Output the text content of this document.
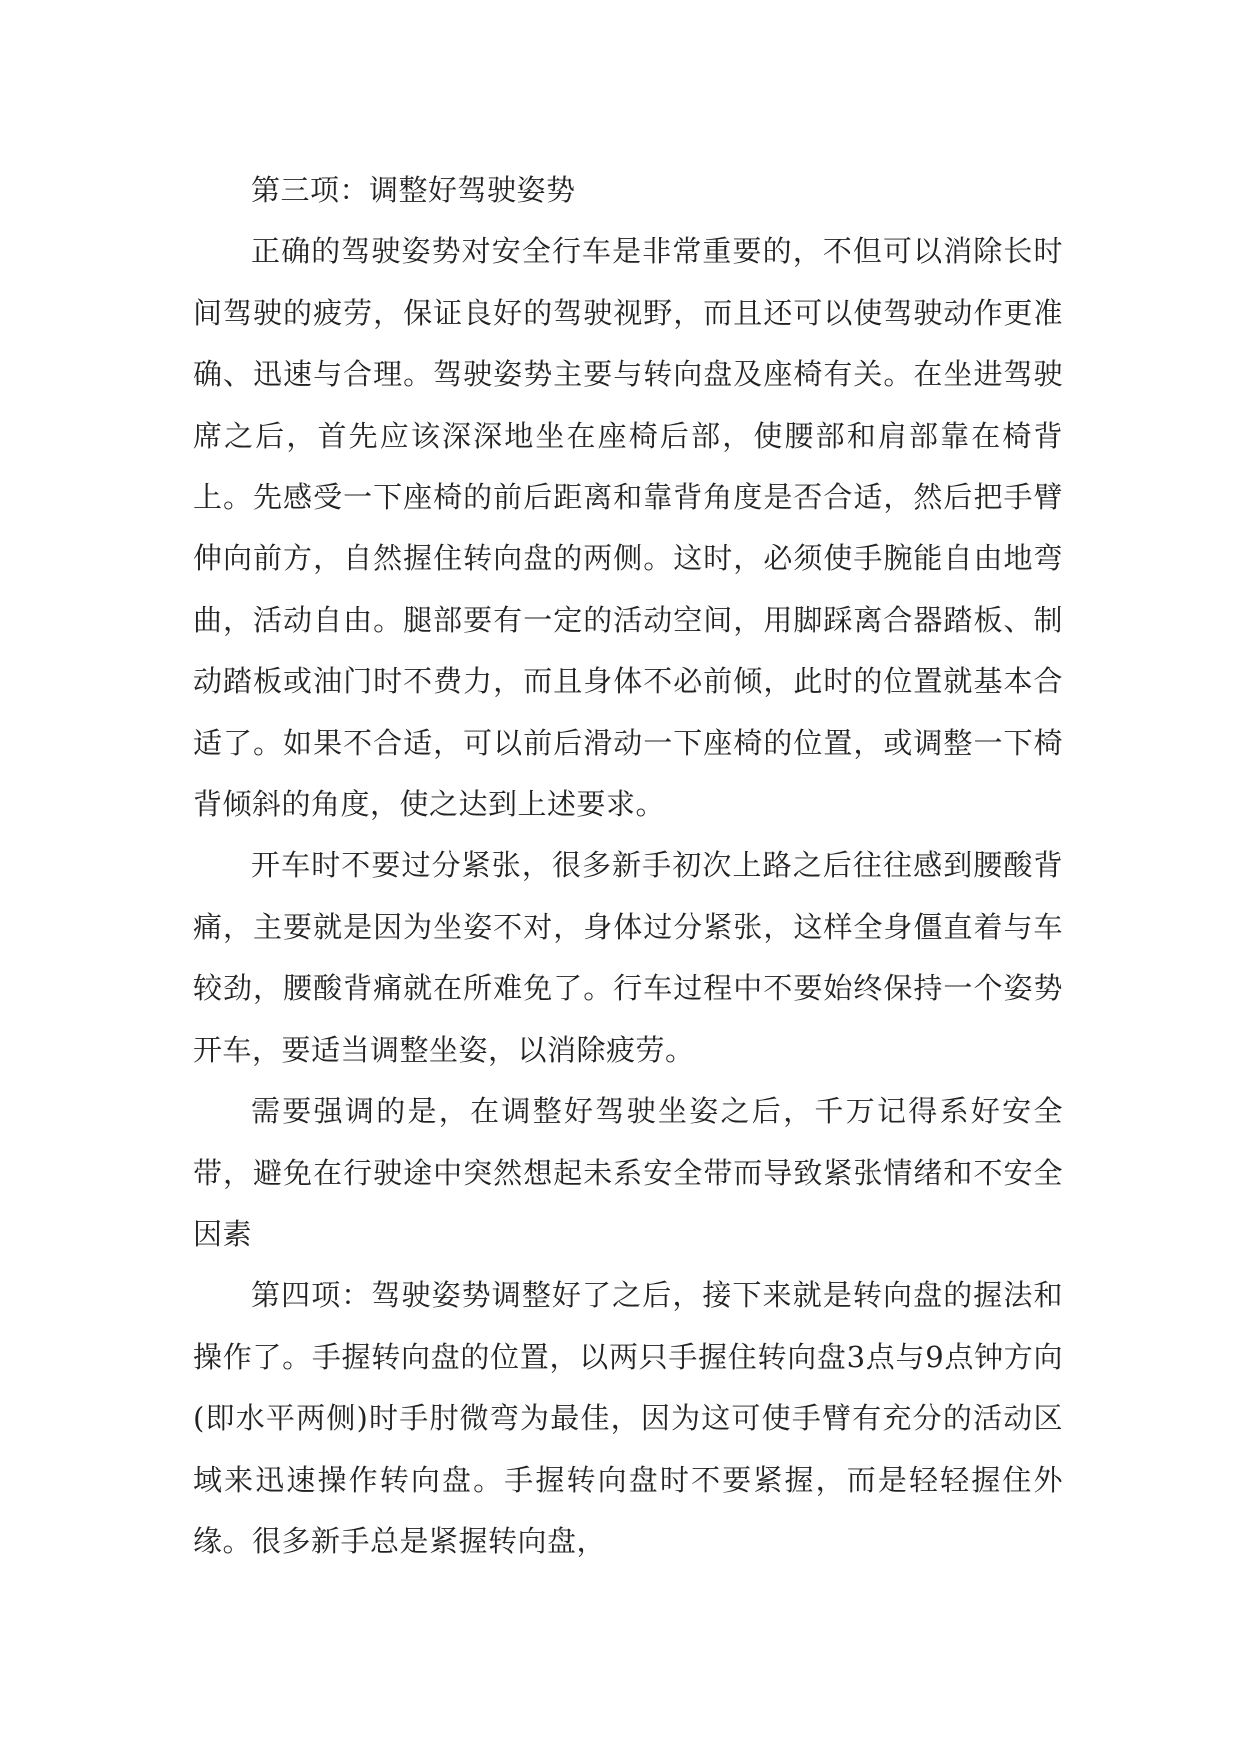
第三项：调整好驾驶姿势

正确的驾驶姿势对安全行车是非常重要的，不但可以消除长时间驾驶的疲劳，保证良好的驾驶视野，而且还可以使驾驶动作更准确、迅速与合理。驾驶姿势主要与转向盘及座椅有关。在坐进驾驶席之后，首先应该深深地坐在座椅后部，使腰部和肩部靠在椅背上。先感受一下座椅的前后距离和靠背角度是否合适，然后把手臂伸向前方，自然握住转向盘的两侧。这时，必须使手腕能自由地弯曲，活动自由。腿部要有一定的活动空间，用脚踩离合器踏板、制动踏板或油门时不费力，而且身体不必前倾，此时的位置就基本合适了。如果不合适，可以前后滑动一下座椅的位置，或调整一下椅背倾斜的角度，使之达到上述要求。

开车时不要过分紧张，很多新手初次上路之后往往感到腰酸背痛，主要就是因为坐姿不对，身体过分紧张，这样全身僵直着与车较劲，腰酸背痛就在所难免了。行车过程中不要始终保持一个姿势开车，要适当调整坐姿，以消除疲劳。

需要强调的是，在调整好驾驶坐姿之后，千万记得系好安全带，避免在行驶途中突然想起未系安全带而导致紧张情绪和不安全因素

第四项：驾驶姿势调整好了之后，接下来就是转向盘的握法和操作了。手握转向盘的位置，以两只手握住转向盘3点与9点钟方向(即水平两侧)时手肘微弯为最佳，因为这可使手臂有充分的活动区域来迅速操作转向盘。手握转向盘时不要紧握，而是轻轻握住外缘。很多新手总是紧握转向盘，
